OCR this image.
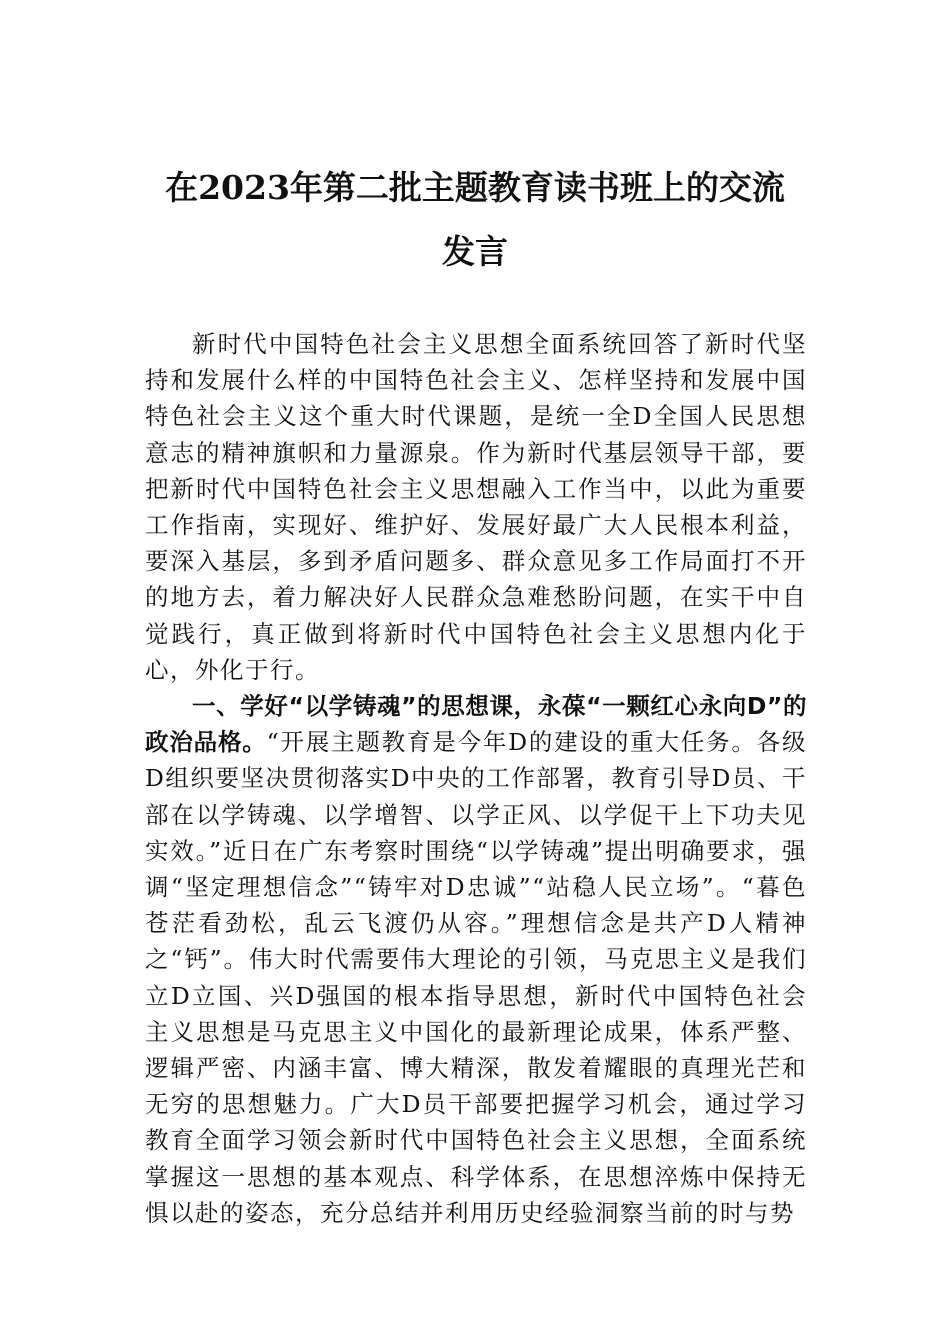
在2023年第二批主题教育读书班上的交流
发言

新时代中国特色社会主义思想全面系统回答了新时代坚持和发展什么样的中国特色社会主义、怎样坚持和发展中国特色社会主义这个重大时代课题，是统一全D全国人民思想意志的精神旗帜和力量源泉。作为新时代基层领导干部，要把新时代中国特色社会主义思想融入工作当中，以此为重要工作指南，实现好、维护好、发展好最广大人民根本利益，要深入基层，多到矛盾问题多、群众意见多工作局面打不开的地方去，着力解决好人民群众急难愁盼问题，在实干中自觉践行，真正做到将新时代中国特色社会主义思想内化于心，外化于行。

一、学好“以学铸魂”的思想课，永葆“一颗红心永向D”的政治品格。“开展主题教育是今年D的建设的重大任务。各级D组织要坚决贯彻落实D中央的工作部署，教育引导D员、干部在以学铸魂、以学增智、以学正风、以学促干上下功夫见实效。”近日在广东考察时围绕“以学铸魂”提出明确要求，强调“坚定理想信念”“铸牢对D忠诚”“站稳人民立场”。“暮色苍茫看劲松，乱云飞渡仍从容。”理想信念是共产D人精神之“钙”。伟大时代需要伟大理论的引领，马克思主义是我们立D立国、兴D强国的根本指导思想，新时代中国特色社会主义思想是马克思主义中国化的最新理论成果，体系严整、逻辑严密、内涵丰富、博大精深，散发着耀眼的真理光芒和无穷的思想魅力。广大D员干部要把握学习机会，通过学习教育全面学习领会新时代中国特色社会主义思想，全面系统掌握这一思想的基本观点、科学体系，在思想淬炼中保持无惧以赴的姿态，充分总结并利用历史经验洞察当前的时与势
